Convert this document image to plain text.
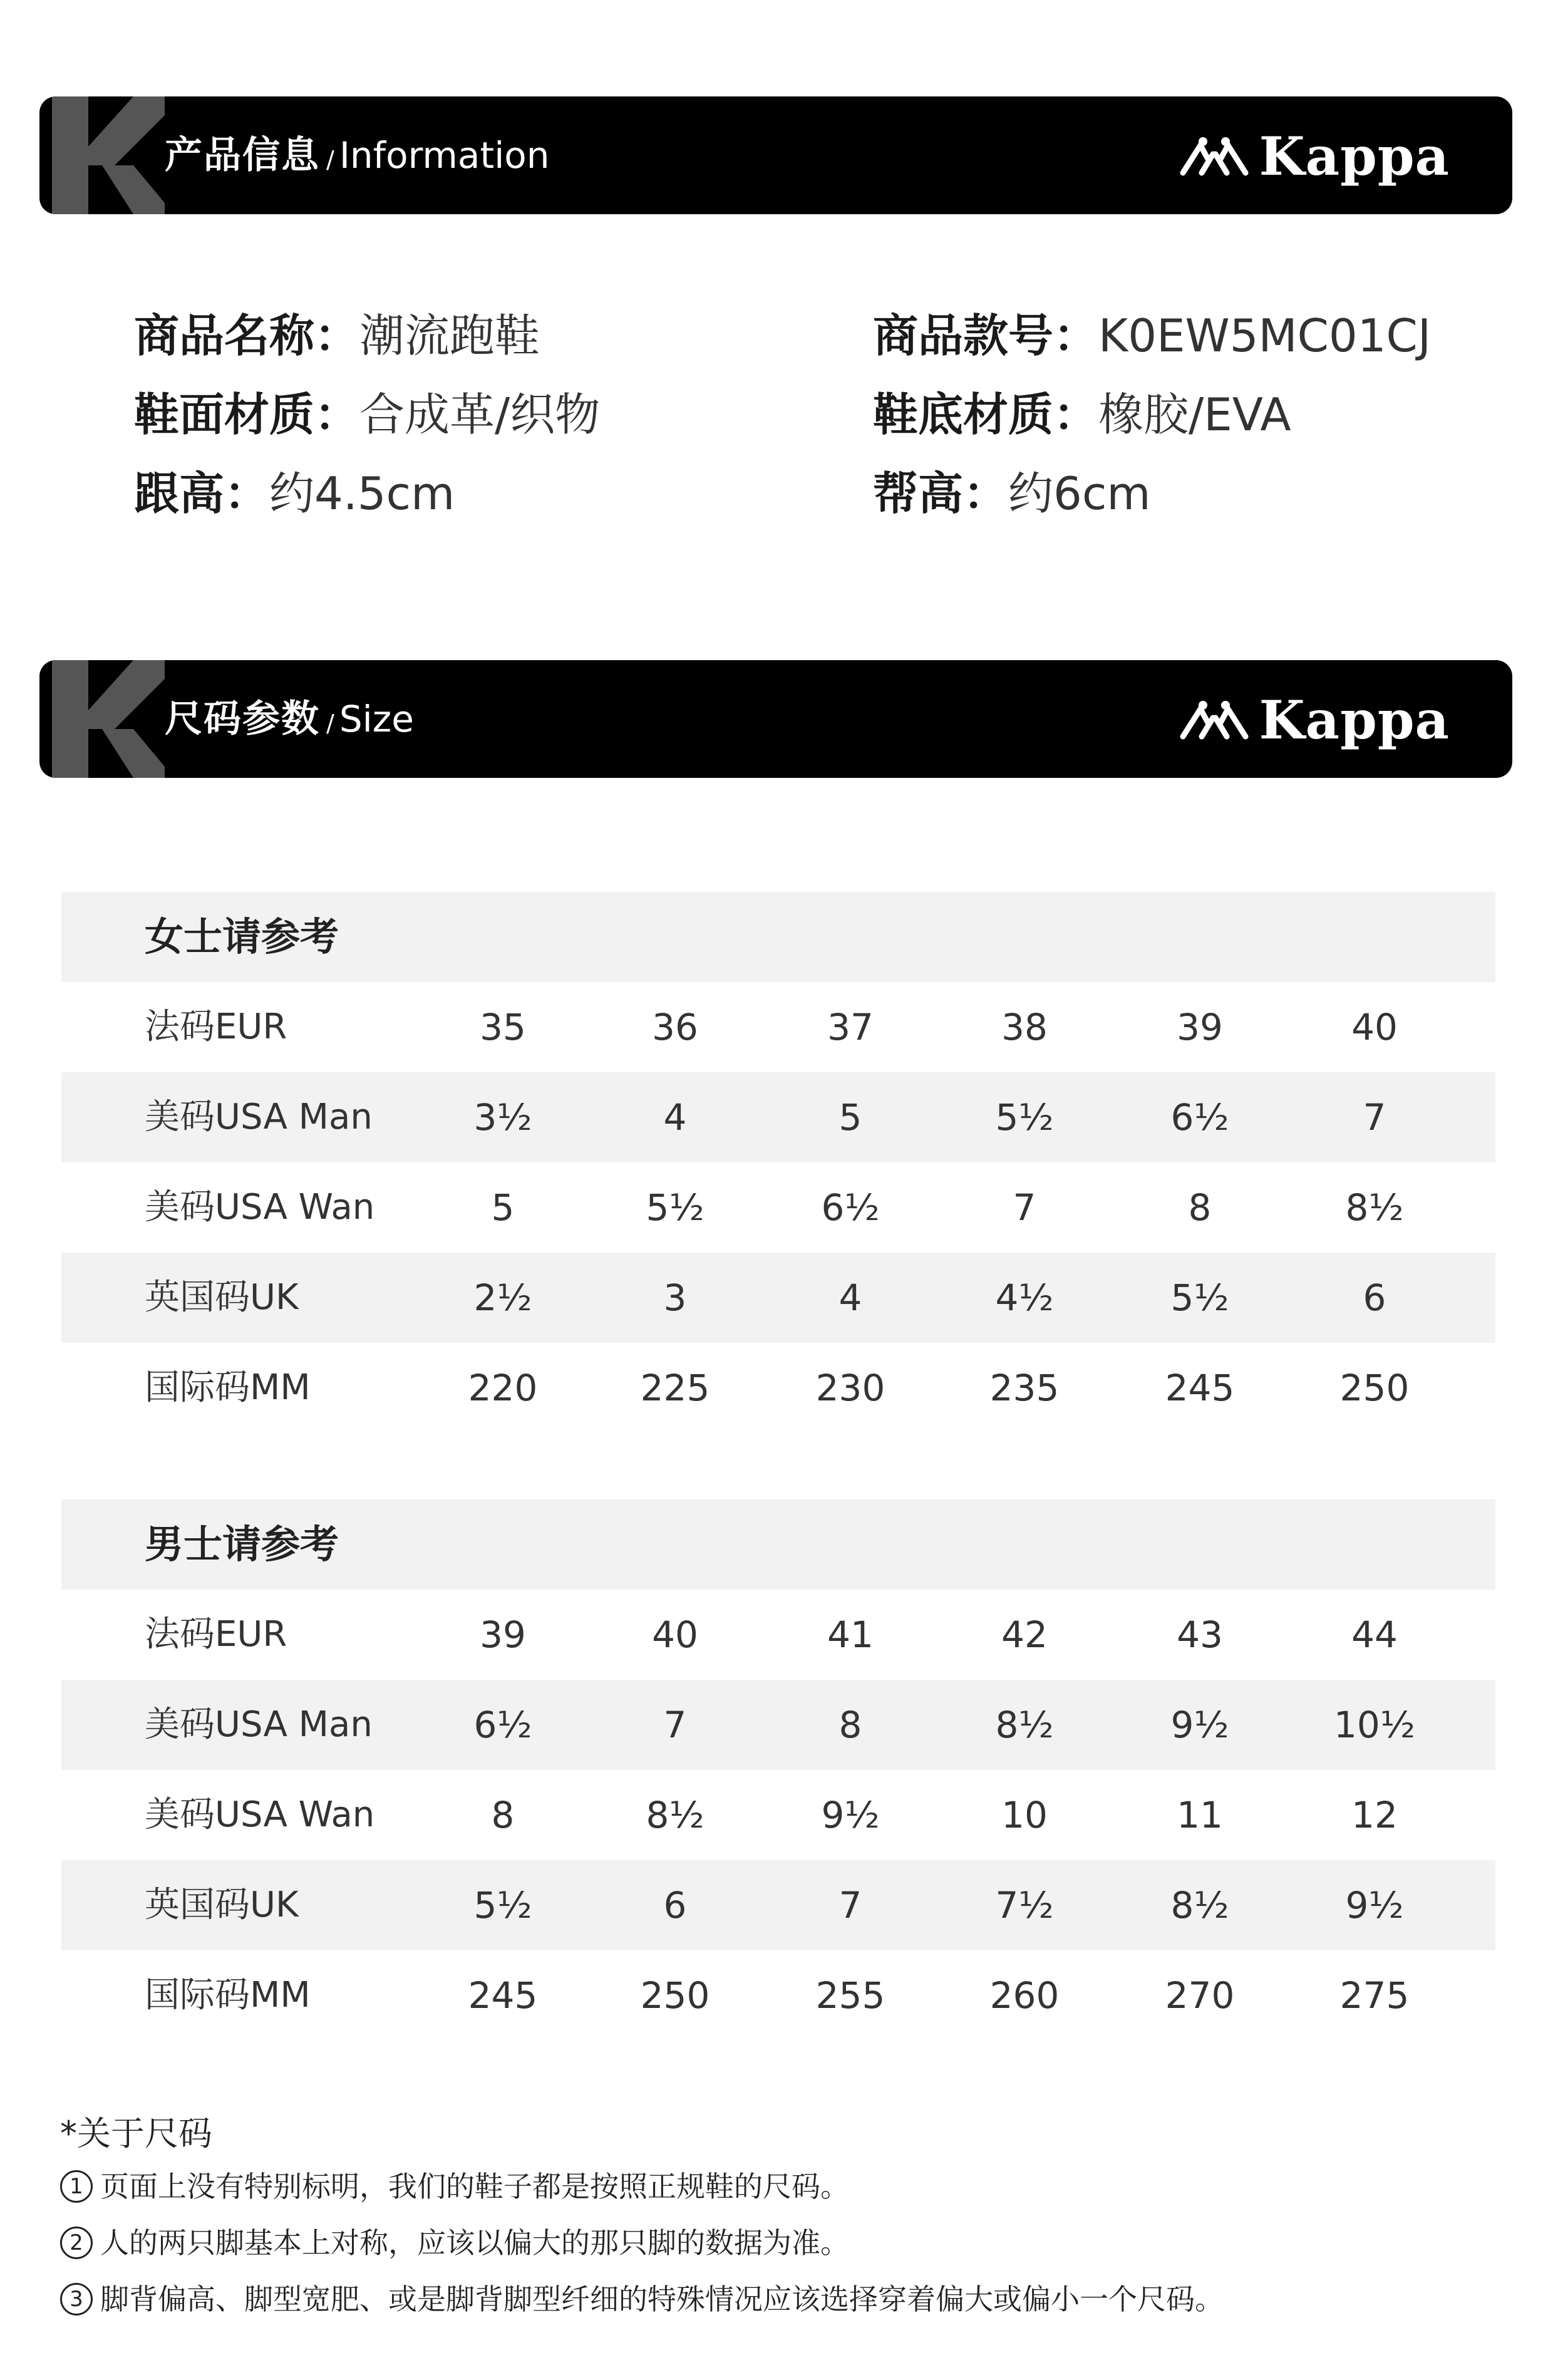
产品信息 / Information	Kappa
商品名称：潮流跑鞋	商品款号：K0EW5MC01CJ
鞋面材质：合成革/织物	鞋底材质：橡胶/EVA
跟高：约4.5cm	帮高：约6cm
尺码参数 / Size	Kappa
女士请参考
法码EUR	35	36	37	38	39	40
美码USA Man	3½	4	5	5½	6½	7
美码USA Wan	5	5½	6½	7	8	8½
英国码UK	2½	3	4	4½	5½	6
国际码MM	220	225	230	235	245	250
男士请参考
法码EUR	39	40	41	42	43	44
美码USA Man	6½	7	8	8½	9½	10½
美码USA Wan	8	8½	9½	10	11	12
英国码UK	5½	6	7	7½	8½	9½
国际码MM	245	250	255	260	270	275
*关于尺码
1 页面上没有特别标明，我们的鞋子都是按照正规鞋的尺码。
2 人的两只脚基本上对称，应该以偏大的那只脚的数据为准。
3 脚背偏高、脚型宽肥、或是脚背脚型纤细的特殊情况应该选择穿着偏大或偏小一个尺码。
